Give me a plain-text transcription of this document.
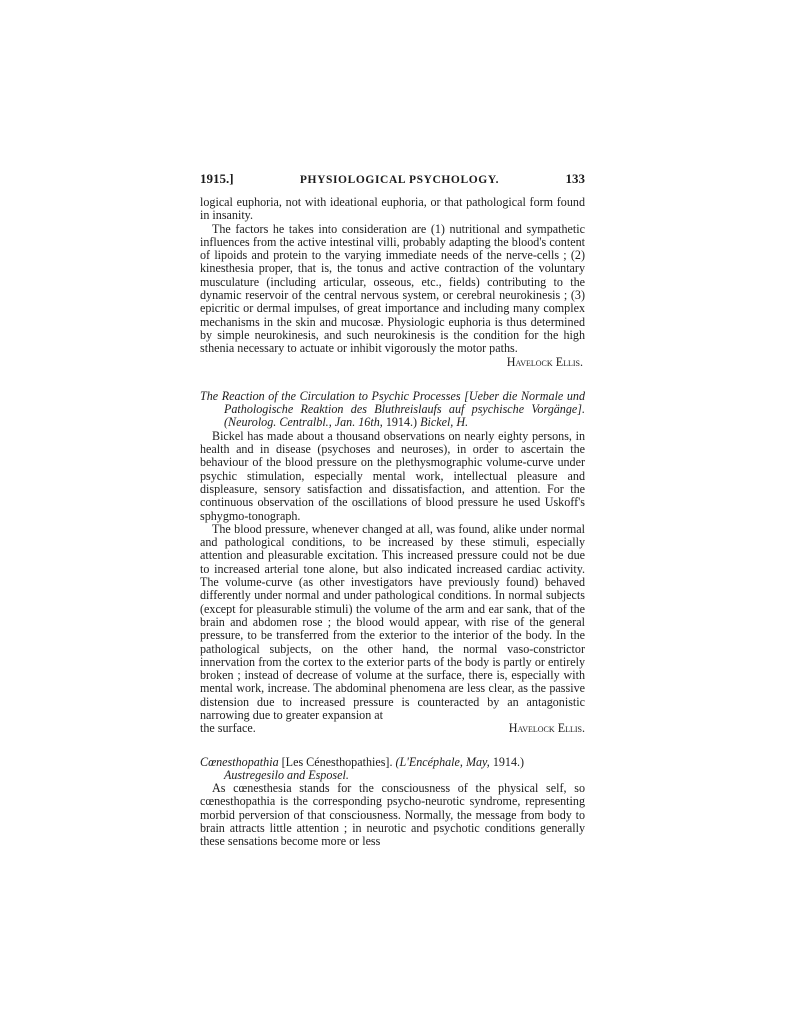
1915.]	PHYSIOLOGICAL PSYCHOLOGY.	133

logical euphoria, not with ideational euphoria, or that pathological form found in insanity.

The factors he takes into consideration are (1) nutritional and sympathetic influences from the active intestinal villi, probably adapting the blood's content of lipoids and protein to the varying immediate needs of the nerve-cells ; (2) kinesthesia proper, that is, the tonus and active contraction of the voluntary musculature (including articular, osseous, etc., fields) contributing to the dynamic reservoir of the central nervous system, or cerebral neurokinesis ; (3) epicritic or dermal impulses, of great importance and including many complex mechanisms in the skin and mucosæ. Physiologic euphoria is thus determined by simple neurokinesis, and such neurokinesis is the condition for the high sthenia necessary to actuate or inhibit vigorously the motor paths.

Havelock Ellis.

The Reaction of the Circulation to Psychic Processes [Ueber die Normale und Pathologische Reaktion des Bluthreislaufs auf psychische Vorgänge]. (Neurolog. Centralbl., Jan. 16th, 1914.) Bickel, H.

Bickel has made about a thousand observations on nearly eighty persons, in health and in disease (psychoses and neuroses), in order to ascertain the behaviour of the blood pressure on the plethysmographic volume-curve under psychic stimulation, especially mental work, intellectual pleasure and displeasure, sensory satisfaction and dissatisfaction, and attention. For the continuous observation of the oscillations of blood pressure he used Uskoff's sphygmo-tonograph.

The blood pressure, whenever changed at all, was found, alike under normal and pathological conditions, to be increased by these stimuli, especially attention and pleasurable excitation. This increased pressure could not be due to increased arterial tone alone, but also indicated increased cardiac activity. The volume-curve (as other investigators have previously found) behaved differently under normal and under pathological conditions. In normal subjects (except for pleasurable stimuli) the volume of the arm and ear sank, that of the brain and abdomen rose ; the blood would appear, with rise of the general pressure, to be transferred from the exterior to the interior of the body. In the pathological subjects, on the other hand, the normal vaso-constrictor innervation from the cortex to the exterior parts of the body is partly or entirely broken ; instead of decrease of volume at the surface, there is, especially with mental work, increase. The abdominal phenomena are less clear, as the passive distension due to increased pressure is counteracted by an antagonistic narrowing due to greater expansion at

the surface.	Havelock Ellis.

Cœnesthopathia [Les Cénesthopathies]. (L'Encéphale, May, 1914.)
Austregesilo and Esposel.

As cœnesthesia stands for the consciousness of the physical self, so cœnesthopathia is the corresponding psycho-neurotic syndrome, representing morbid perversion of that consciousness. Normally, the message from body to brain attracts little attention ; in neurotic and psychotic conditions generally these sensations become more or less
